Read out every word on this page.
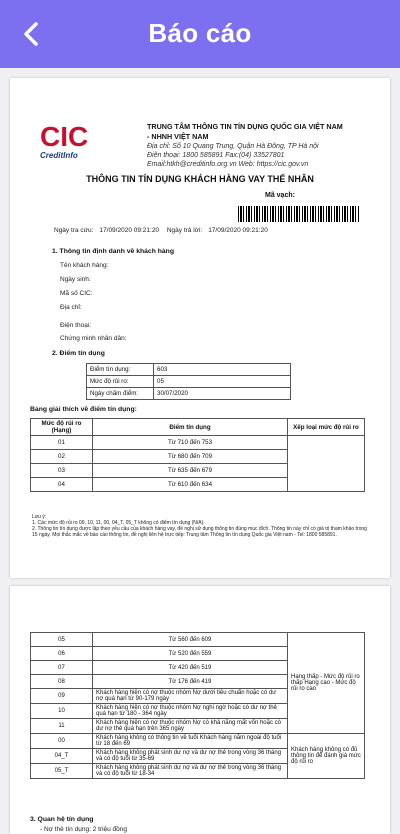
Báo cáo
CIC
CreditInfo
TRUNG TÂM THÔNG TIN TÍN DỤNG QUỐC GIA VIỆT NAM
- NHNH VIỆT NAM
Địa chỉ: Số 10 Quang Trung, Quận Hà Đông, TP Hà nội
Điện thoại: 1800 585891 Fax:(04) 33527801
Email:htkh@creditinfo.org.vn Web: https://cic.gov.vn
THÔNG TIN TÍN DỤNG KHÁCH HÀNG VAY THỂ NHÂN
Mã vạch:
Ngày tra cứu: 17/09/2020 09:21:20 Ngày trả lời: 17/09/2020 09:21:20
1. Thông tin định danh về khách hàng
Tên khách hàng:
Ngày sinh:
Mã số CIC:
Địa chỉ:
Điện thoại:
Chứng minh nhân dân:
2. Điểm tín dụng
Điểm tín dụng:	603
Mức độ rủi ro:	05
Ngày chấm điểm:	30/07/2020
Bảng giải thích về điểm tín dụng:
Mức độ rủi ro (Hạng)	Điểm tín dụng	Xếp loại mức độ rủi ro
01	Từ 710 đến 753	
02	Từ 680 đến 709	
03	Từ 635 đến 679	
04	Từ 610 đến 634	
Lưu ý:
1. Các mức độ rủi ro 09, 10, 11, 00, 04_T, 05_T không có điểm tín dụng (N/A).
2. Thông tin tín dụng được lập theo yêu cầu của khách hàng vay, đề nghị sử dụng thông tin đúng mục đích. Thông tin này chỉ có giá trị tham khảo trong 15 ngày. Mọi thắc mắc về báo cáo thông tin, đề nghị liên hệ trực tiếp: Trung tâm Thông tin tín dụng Quốc gia Việt nam - Tel: 1800 585891.
05	Từ 560 đến 609	Hạng thấp - Mức độ rủi ro thấp Hạng cao - Mức độ rủi ro cao
06	Từ 520 đến 559	
07	Từ 420 đến 519	
08	Từ 176 đến 419	
09	Khách hàng hiện có nợ thuộc nhóm Nợ dưới tiêu chuẩn hoặc có dư nợ quá hạn từ 90-179 ngày	
10	Khách hàng hiện có nợ thuộc nhóm Nợ nghi ngờ hoặc có dư nợ thẻ quá hạn từ 180 - 364 ngày	
11	Khách hàng hiện có nợ thuộc nhóm Nợ có khả năng mất vốn hoặc có dư nợ thẻ quá hạn trên 365 ngày	
00	Khách hàng không có thông tin về tuổi Khách hàng nằm ngoài độ tuổi từ 18 đến 69	Khách hàng không có đủ thông tin để đánh giá mức độ rủi ro
04_T	Khách hàng không phát sinh dư nợ và dư nợ thẻ trong vòng 36 tháng và có độ tuổi từ 35-69	
05_T	Khách hàng không phát sinh dư nợ và dư nợ thẻ trong vòng 36 tháng và có độ tuổi từ 18-34	
3. Quan hệ tín dụng
- Nợ thẻ tín dụng: 2 triệu đồng
